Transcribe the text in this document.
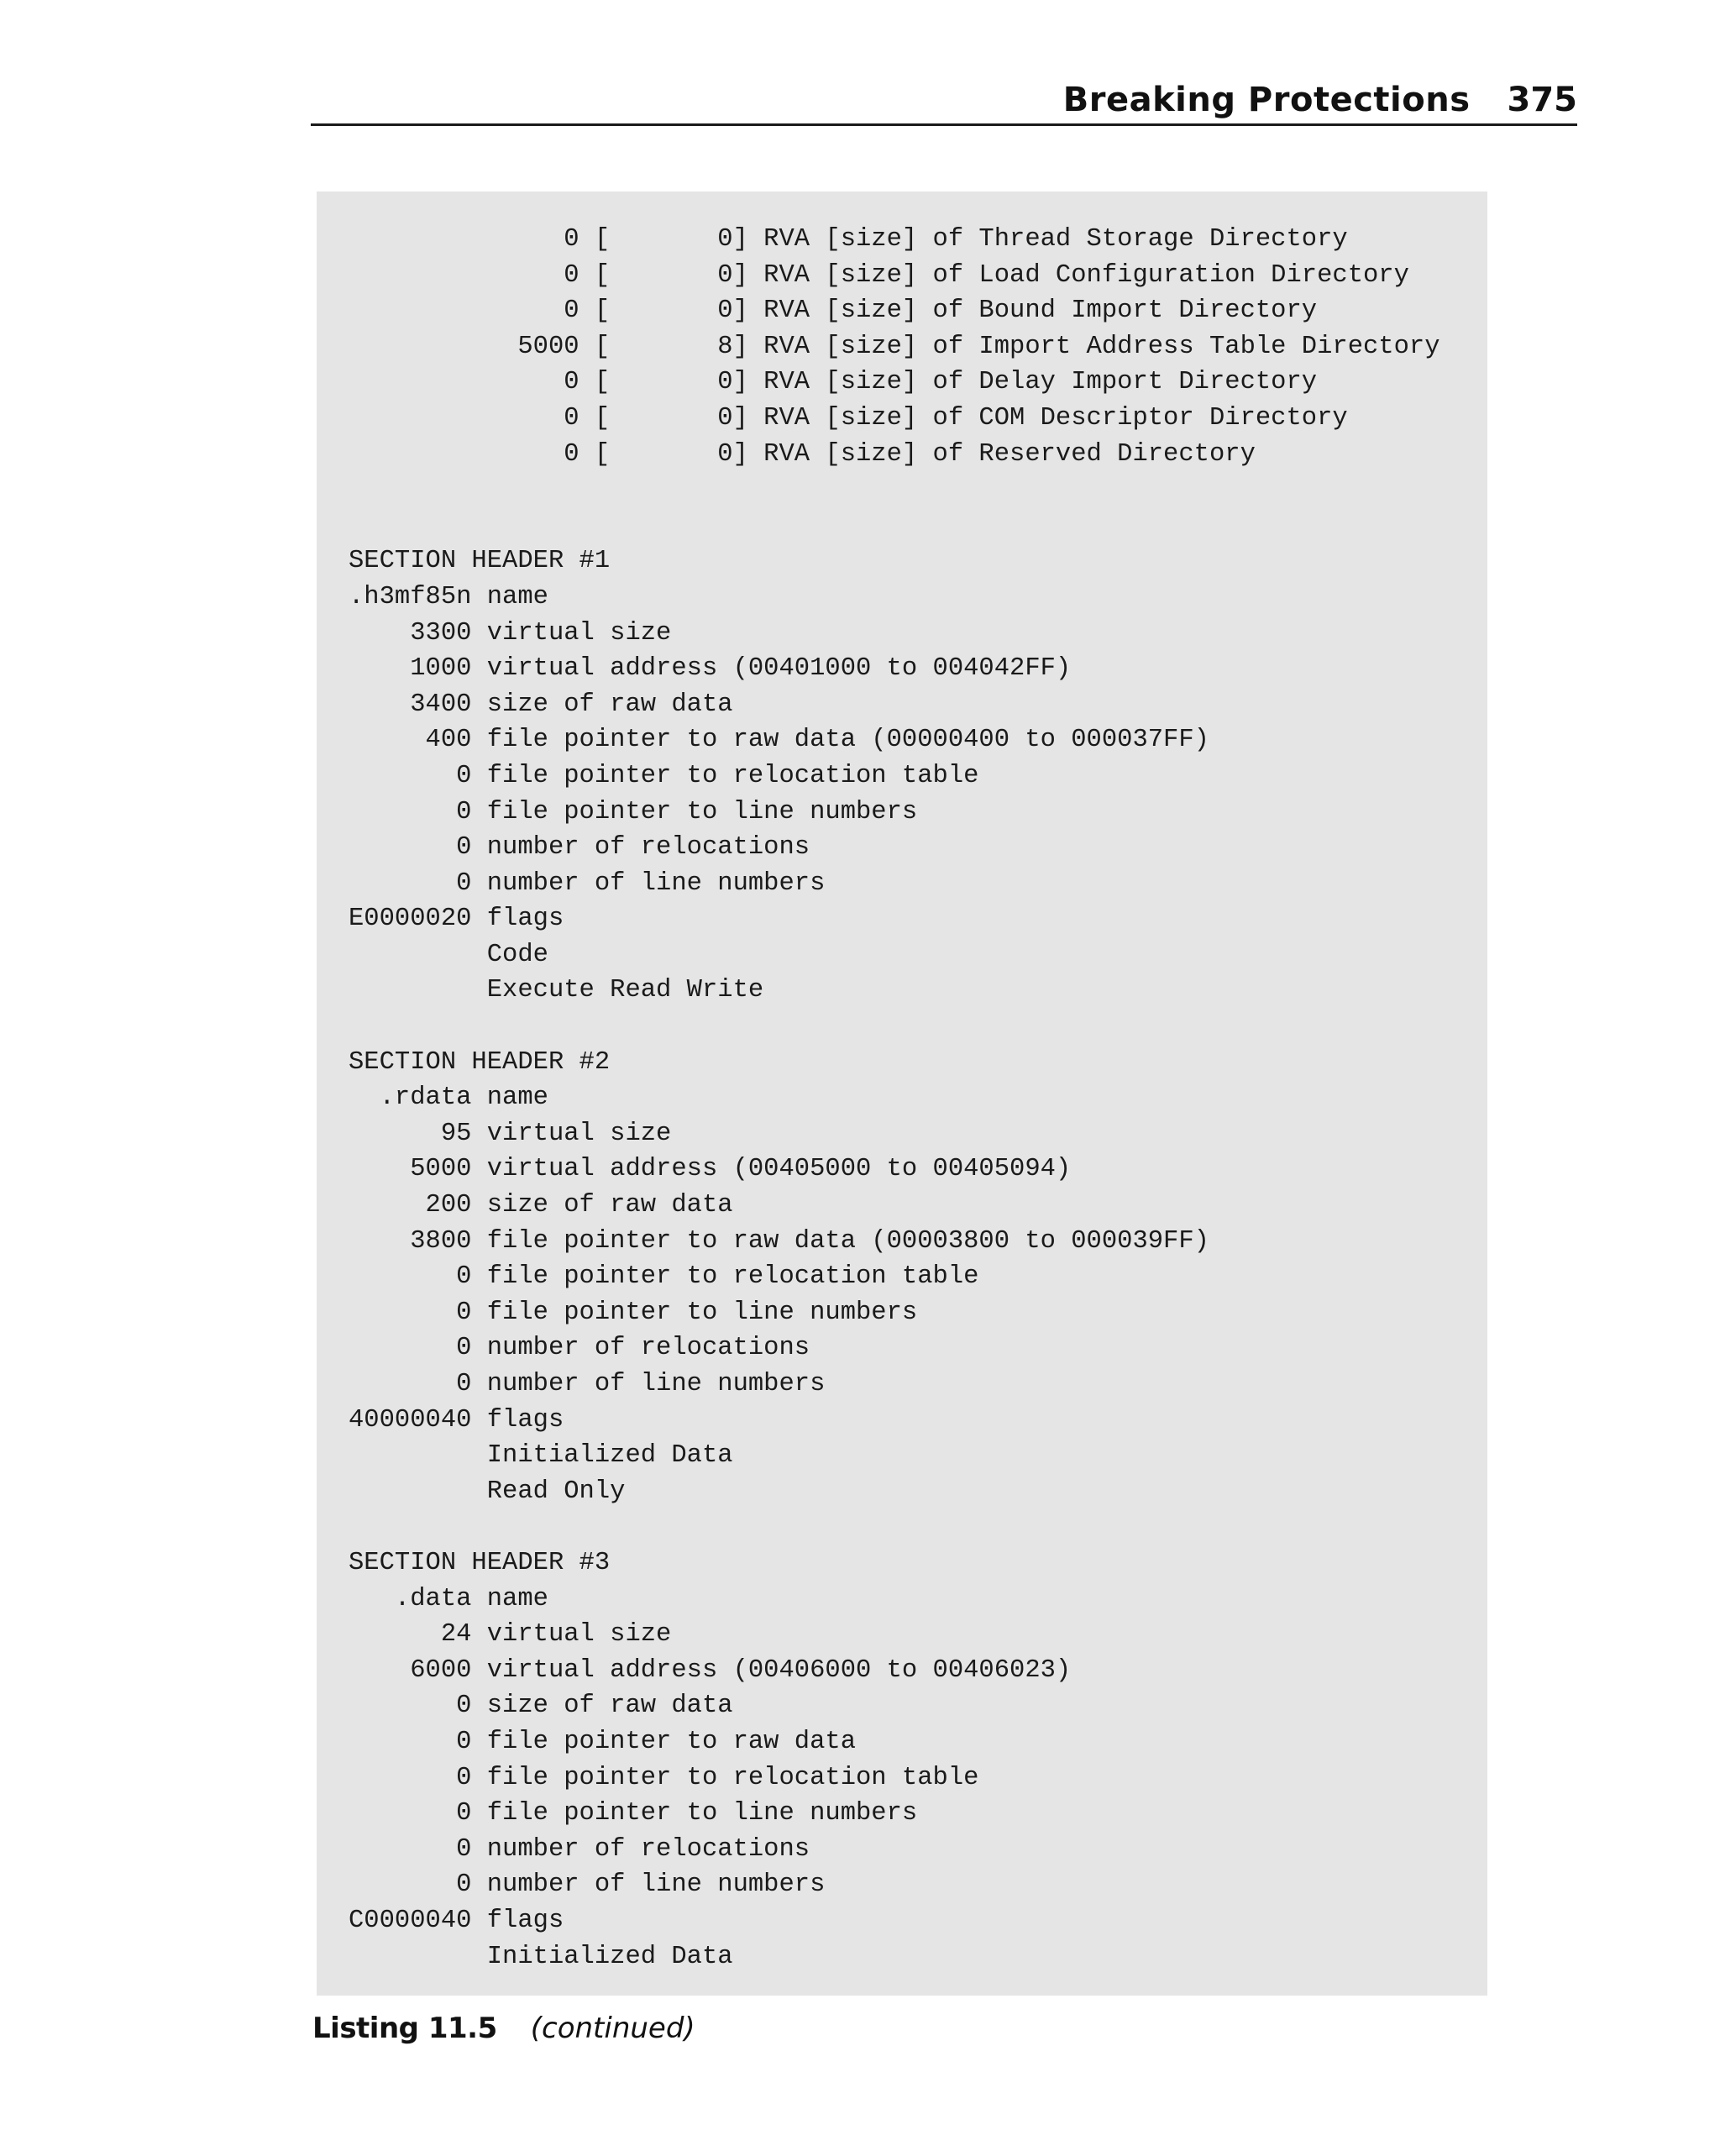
Breaking Protections 375
0 [       0] RVA [size] of Thread Storage Directory
0 [       0] RVA [size] of Load Configuration Directory
0 [       0] RVA [size] of Bound Import Directory
5000 [       8] RVA [size] of Import Address Table Directory
0 [       0] RVA [size] of Delay Import Directory
0 [       0] RVA [size] of COM Descriptor Directory
0 [       0] RVA [size] of Reserved Directory
SECTION HEADER #1
.h3mf85n name
3300 virtual size
1000 virtual address (00401000 to 004042FF)
3400 size of raw data
400 file pointer to raw data (00000400 to 000037FF)
0 file pointer to relocation table
0 file pointer to line numbers
0 number of relocations
0 number of line numbers
E0000020 flags
Code
Execute Read Write
SECTION HEADER #2
.rdata name
95 virtual size
5000 virtual address (00405000 to 00405094)
200 size of raw data
3800 file pointer to raw data (00003800 to 000039FF)
0 file pointer to relocation table
0 file pointer to line numbers
0 number of relocations
0 number of line numbers
40000040 flags
Initialized Data
Read Only
SECTION HEADER #3
.data name
24 virtual size
6000 virtual address (00406000 to 00406023)
0 size of raw data
0 file pointer to raw data
0 file pointer to relocation table
0 file pointer to line numbers
0 number of relocations
0 number of line numbers
C0000040 flags
Initialized Data
Listing 11.5 (continued)
